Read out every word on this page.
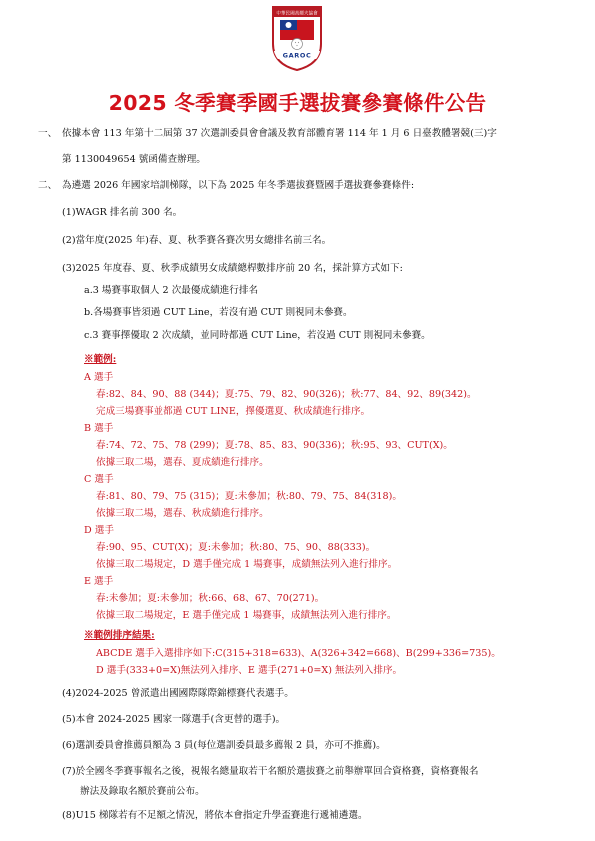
中華民國高爾夫協會
GAROC
2025 冬季賽季國手選拔賽參賽條件公告
一、 依據本會 113 年第十二屆第 37 次選訓委員會會議及教育部體育署 114 年 1 月 6 日臺教體署競(三)字
第 1130049654 號函備查辦理。
二、 為遴選 2026 年國家培訓梯隊，以下為 2025 年冬季選拔賽暨國手選拔賽參賽條件:
(1)WAGR 排名前 300 名。
(2)當年度(2025 年)春、夏、秋季賽各賽次男女總排名前三名。
(3)2025 年度春、夏、秋季成績男女成績總桿數排序前 20 名，採計算方式如下:
a.3 場賽事取個人 2 次最優成績進行排名
b.各場賽事皆須過 CUT Line，若沒有過 CUT 則視同未參賽。
c.3 賽事擇優取 2 次成績，並同時都過 CUT Line，若沒過 CUT 則視同未參賽。
※範例:
A 選手
春:82、84、90、88 (344)；夏:75、79、82、90(326)；秋:77、84、92、89(342)。
完成三場賽事並都過 CUT LINE，擇優選夏、秋成績進行排序。
B 選手
春:74、72、75、78 (299)；夏:78、85、83、90(336)；秋:95、93、CUT(X)。
依據三取二場，選春、夏成績進行排序。
C 選手
春:81、80、79、75 (315)；夏:未參加；秋:80、79、75、84(318)。
依據三取二場，選春、秋成績進行排序。
D 選手
春:90、95、CUT(X)；夏:未參加；秋:80、75、90、88(333)。
依據三取二場規定，D 選手僅完成 1 場賽事，成績無法列入進行排序。
E 選手
春:未參加；夏:未參加；秋:66、68、67、70(271)。
依據三取二場規定，E 選手僅完成 1 場賽事，成績無法列入進行排序。
※範例排序結果:
ABCDE 選手入選排序如下:C(315+318=633)、A(326+342=668)、B(299+336=735)。
D 選手(333+0=X)無法列入排序、E 選手(271+0=X) 無法列入排序。
(4)2024-2025 曾派遣出國國際隊際錦標賽代表選手。
(5)本會 2024-2025 國家一隊選手(含更替的選手)。
(6)選訓委員會推薦員額為 3 員(每位選訓委員最多薦報 2 員，亦可不推薦)。
(7)於全國冬季賽事報名之後，視報名總量取若干名額於選拔賽之前舉辦單回合資格賽，資格賽報名
辦法及錄取名額於賽前公布。
(8)U15 梯隊若有不足額之情況，將依本會指定升學盃賽進行遞補遴選。
